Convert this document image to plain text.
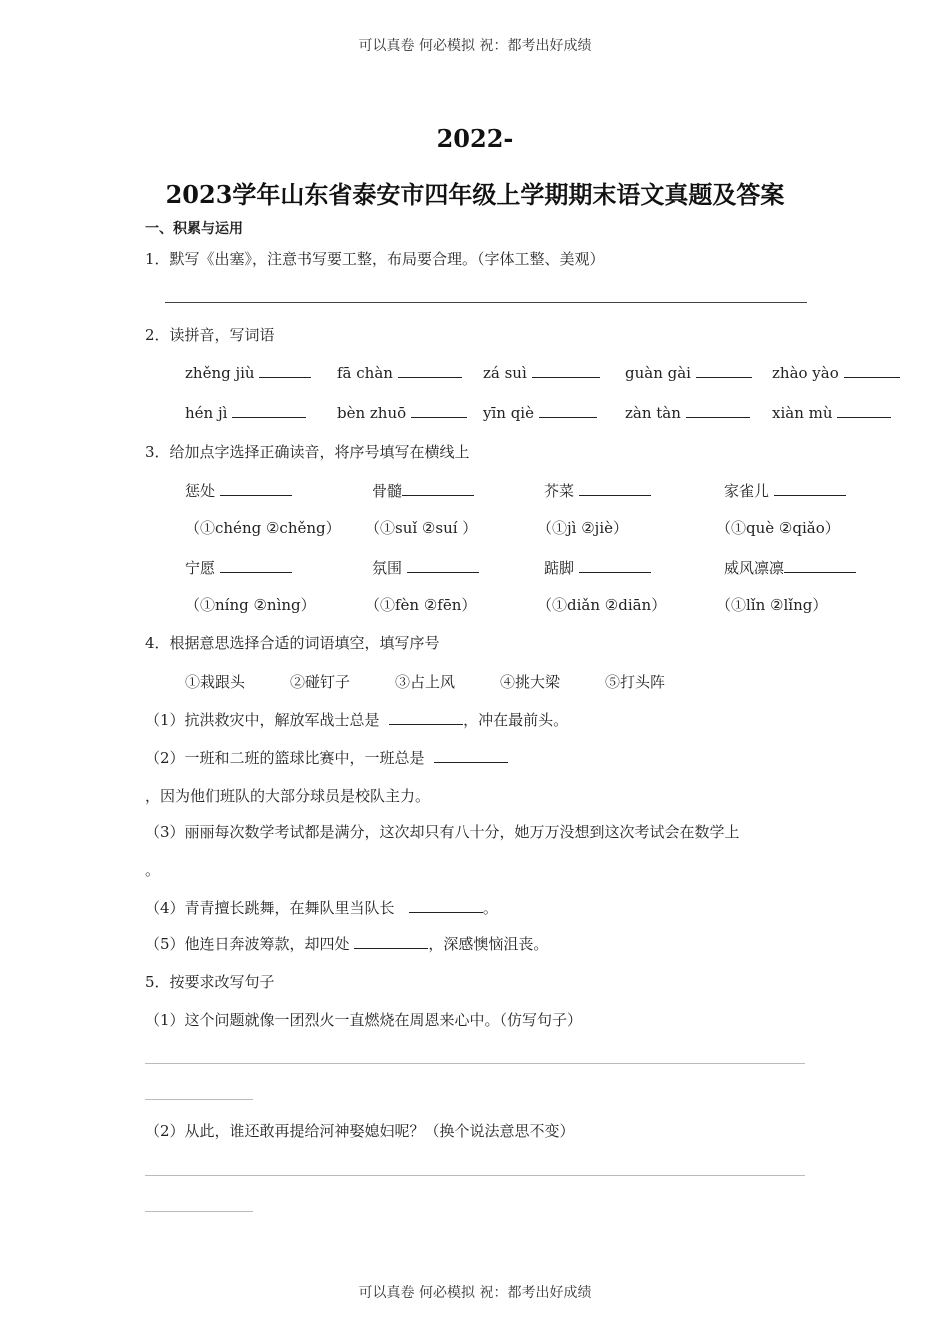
可以真卷 何必模拟 祝：都考出好成绩
2022-
2023学年山东省泰安市四年级上学期期末语文真题及答案
一、积累与运用
1．默写《出塞》，注意书写要工整，布局要合理。（字体工整、美观）
2．读拼音，写词语
zhěng jiù	fā chàn	zá suì	guàn gài	zhào yào
hén jì	bèn zhuō	yīn qiè	zàn tàn	xiàn mù
3．给加点字选择正确读音，将序号填写在横线上
惩处	骨髓	芥菜	家雀儿
（①chéng ②chěng） （①suǐ ②suí ）	（①jì ②jiè）	（①què ②qiǎo）
宁愿	氛围	踮脚	威风凛凛
（①níng ②nìng）	（①fèn ②fēn）	（①diǎn ②diān）	（①lǐn ②lǐng）
4．根据意思选择合适的词语填空，填写序号
①栽跟头	②碰钉子	③占上风	④挑大梁	⑤打头阵
（1）抗洪救灾中，解放军战士总是	，冲在最前头。
（2）一班和二班的篮球比赛中，一班总是
，因为他们班队的大部分球员是校队主力。
（3）丽丽每次数学考试都是满分，这次却只有八十分，她万万没想到这次考试会在数学上
。
（4）青青擅长跳舞，在舞队里当队长	。
（5）他连日奔波筹款，却四处	，深感懊恼沮丧。
5．按要求改写句子
（1）这个问题就像一团烈火一直燃烧在周恩来心中。（仿写句子）
（2）从此，谁还敢再提给河神娶媳妇呢？（换个说法意思不变）
可以真卷 何必模拟 祝：都考出好成绩
